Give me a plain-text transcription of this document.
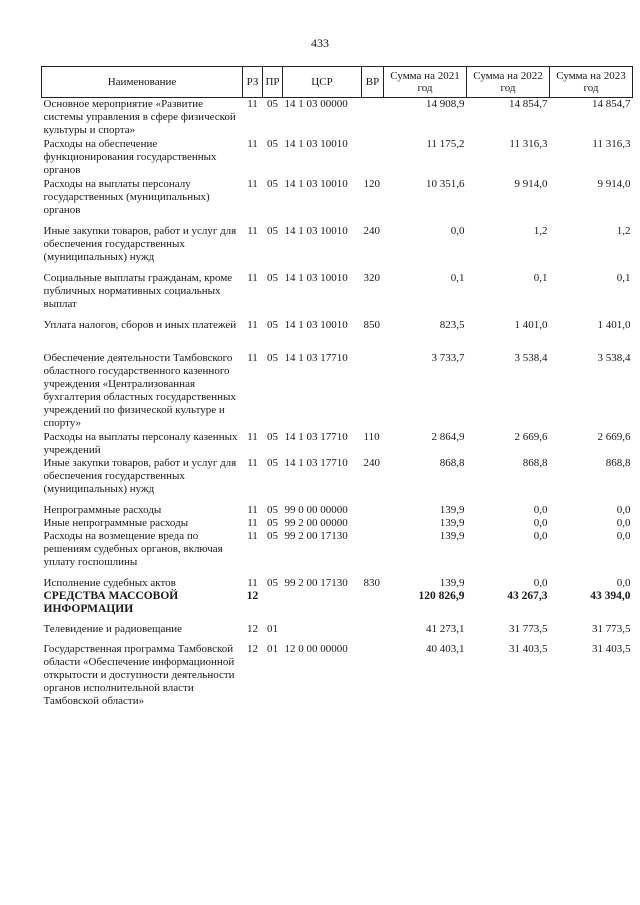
433
Наименование	РЗ	ПР	ЦСР	ВР	Сумма на 2021 год	Сумма на 2022 год	Сумма на 2023 год
Основное мероприятие «Развитие системы управления в сфере физической культуры и спорта»	11	05	14 1 03 00000		14 908,9	14 854,7	14 854,7
Расходы на обеспечение функционирования государственных органов	11	05	14 1 03 10010		11 175,2	11 316,3	11 316,3
Расходы на выплаты персоналу государственных (муниципальных) органов	11	05	14 1 03 10010	120	10 351,6	9 914,0	9 914,0
Иные закупки товаров, работ и услуг для обеспечения государственных (муниципальных) нужд	11	05	14 1 03 10010	240	0,0	1,2	1,2
Социальные выплаты гражданам, кроме публичных нормативных социальных выплат	11	05	14 1 03 10010	320	0,1	0,1	0,1
Уплата налогов, сборов и иных платежей	11	05	14 1 03 10010	850	823,5	1 401,0	1 401,0
Обеспечение деятельности Тамбовского областного государственного казенного учреждения «Централизованная бухгалтерия областных государственных учреждений по физической культуре и спорту»	11	05	14 1 03 17710		3 733,7	3 538,4	3 538,4
Расходы на выплаты персоналу казенных учреждений	11	05	14 1 03 17710	110	2 864,9	2 669,6	2 669,6
Иные закупки товаров, работ и услуг для обеспечения государственных (муниципальных) нужд	11	05	14 1 03 17710	240	868,8	868,8	868,8
Непрограммные расходы	11	05	99 0 00 00000		139,9	0,0	0,0
Иные непрограммные расходы	11	05	99 2 00 00000		139,9	0,0	0,0
Расходы на возмещение вреда по решениям судебных органов, включая уплату госпошлины	11	05	99 2 00 17130		139,9	0,0	0,0
Исполнение судебных актов	11	05	99 2 00 17130	830	139,9	0,0	0,0
СРЕДСТВА МАССОВОЙ ИНФОРМАЦИИ	12				120 826,9	43 267,3	43 394,0
Телевидение и радиовещание	12	01			41 273,1	31 773,5	31 773,5
Государственная программа Тамбовской области «Обеспечение информационной открытости и доступности деятельности органов исполнительной власти Тамбовской области»	12	01	12 0 00 00000		40 403,1	31 403,5	31 403,5
